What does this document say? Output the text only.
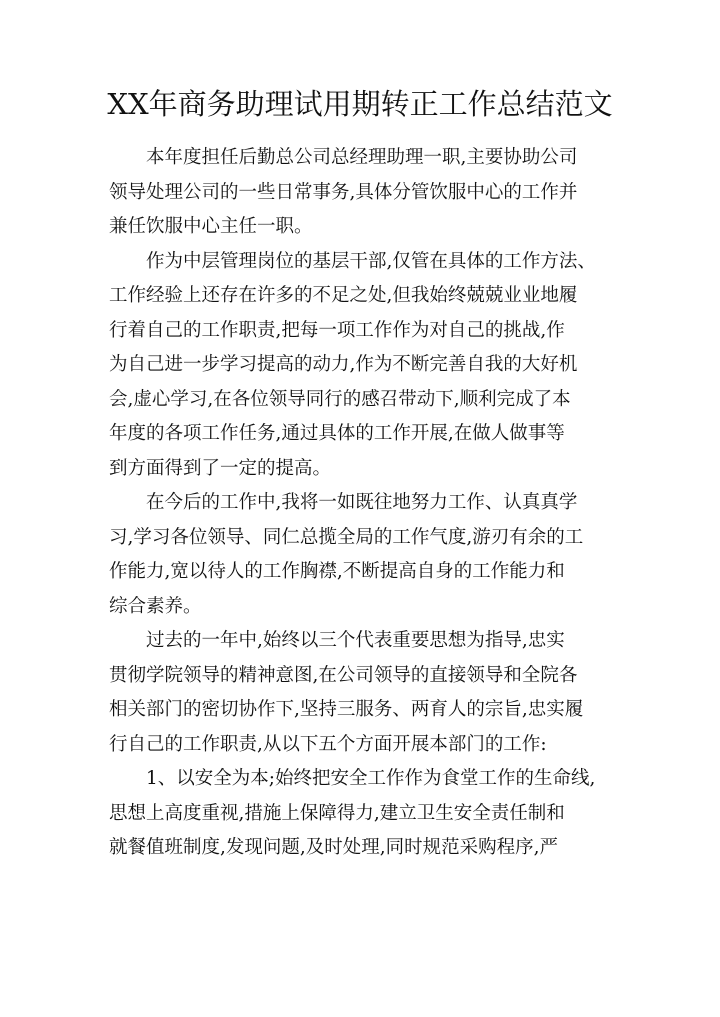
XX年商务助理试用期转正工作总结范文
本年度担任后勤总公司总经理助理一职,主要协助公司
领导处理公司的一些日常事务,具体分管饮服中心的工作并
兼任饮服中心主任一职。
作为中层管理岗位的基层干部,仅管在具体的工作方法、
工作经验上还存在许多的不足之处,但我始终兢兢业业地履
行着自己的工作职责,把每一项工作作为对自己的挑战,作
为自己进一步学习提高的动力,作为不断完善自我的大好机
会,虚心学习,在各位领导同行的感召带动下,顺利完成了本
年度的各项工作任务,通过具体的工作开展,在做人做事等
到方面得到了一定的提高。
在今后的工作中,我将一如既往地努力工作、认真真学
习,学习各位领导、同仁总揽全局的工作气度,游刃有余的工
作能力,宽以待人的工作胸襟,不断提高自身的工作能力和
综合素养。
过去的一年中,始终以三个代表重要思想为指导,忠实
贯彻学院领导的精神意图,在公司领导的直接领导和全院各
相关部门的密切协作下,坚持三服务、两育人的宗旨,忠实履
行自己的工作职责,从以下五个方面开展本部门的工作:
1、以安全为本;始终把安全工作作为食堂工作的生命线,
思想上高度重视,措施上保障得力,建立卫生安全责任制和
就餐值班制度,发现问题,及时处理,同时规范采购程序,严
